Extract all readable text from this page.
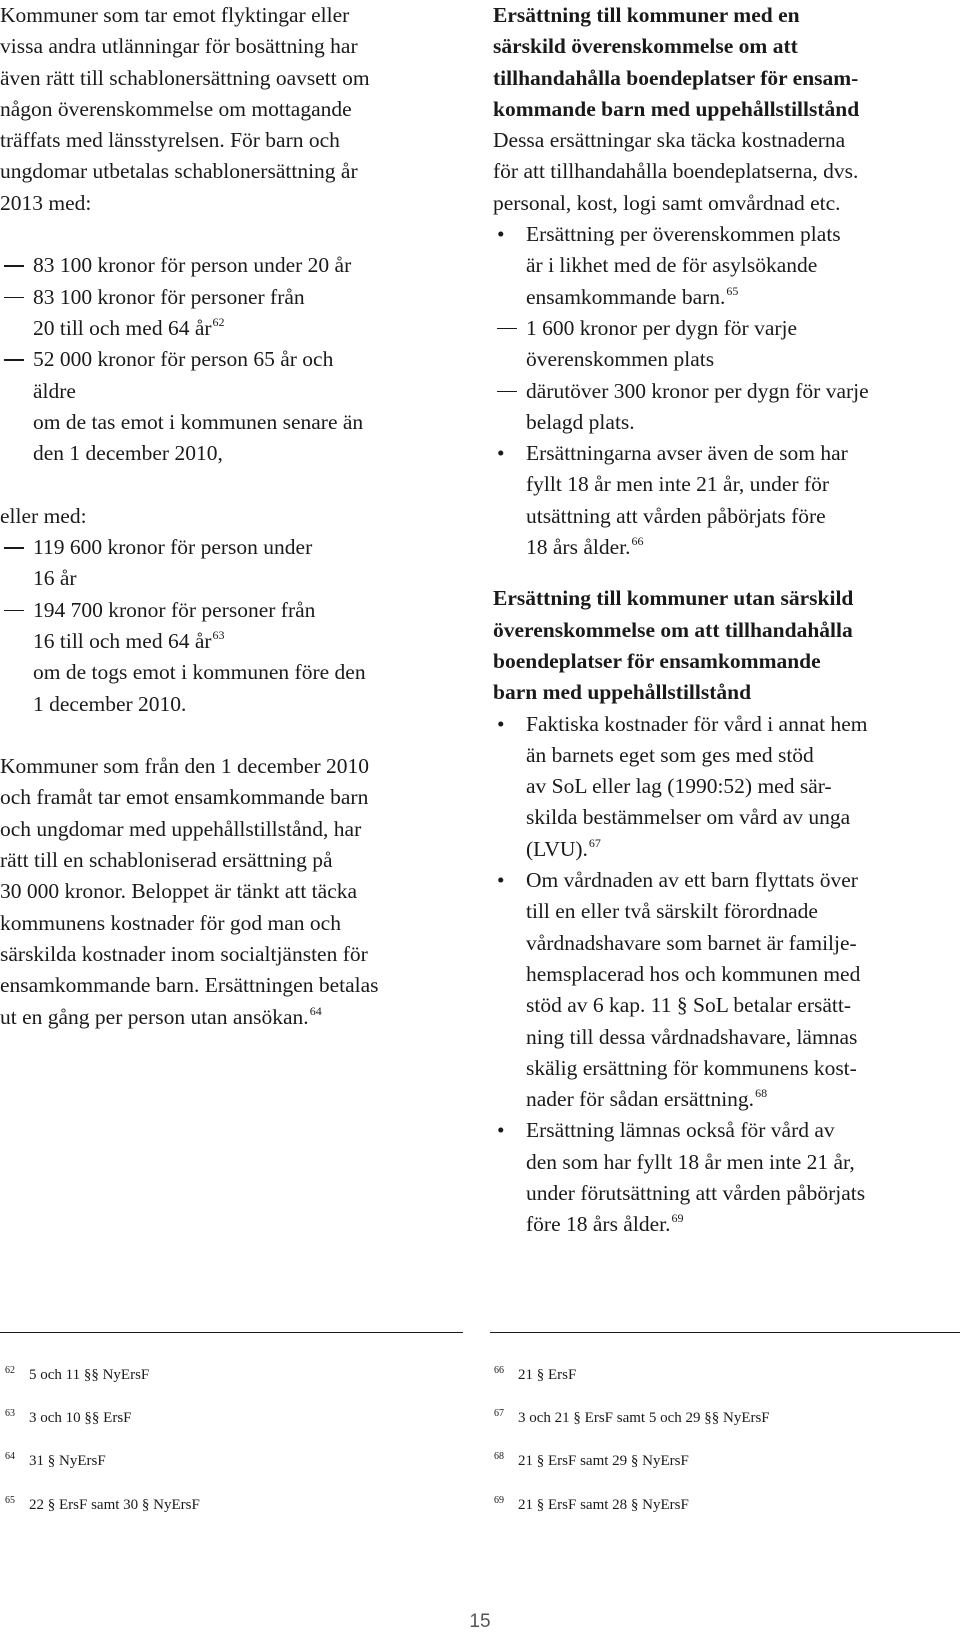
Kommuner som tar emot flyktingar eller

vissa andra utlänningar för bosättning har

även rätt till schablonersättning oavsett om

någon överenskommelse om mottagande

träffats med länsstyrelsen. För barn och

ungdomar utbetalas schablonersättning år

2013 med:

83 100 kronor för person under 20 år
83 100 kronor för personer från
20 till och med 64 $år^{62}$
52 000 kronor för person 65 år och
äldre

om de tas emot i kommunen senare än

den 1 december 2010,

eller med:

119 600 kronor för person under
16 år
194 700 kronor för personer från
16 till och med 64 $år^{63}$

om de togs emot i kommunen före den

1 december 2010.

Kommuner som från den 1 december 2010

och framåt tar emot ensamkommande barn

och ungdomar med uppehållstillstånd, har

rätt till en schabloniserad ersättning på

30 000 kronor. Beloppet är tänkt att täcka

kommunens kostnader för god man och

särskilda kostnader inom socialtjänsten för

ensamkommande barn. Ersättningen betalas

ut en gång per person utan ansökan.$^{64}$

Ersättning till kommuner med en

särskild överenskommelse om att

tillhandahålla boendeplatser för ensam-

kommande barn med uppehållstillstånd

Dessa ersättningar ska täcka kostnaderna

för att tillhandahålla boendeplatserna, dvs.

personal, kost, logi samt omvårdnad etc.

• Ersättning per överenskommen plats
är i likhet med de för asylsökande
ensamkommande barn.$^{65}$
1 600 kronor per dygn för varje
överenskommen plats
därutöver 300 kronor per dygn för varje
belagd plats.
• Ersättningarna avser även de som har
fyllt 18 år men inte 21 år, under för
utsättning att vården påbörjats före
18 års ålder.$^{66}$

Ersättning till kommuner utan särskild

överenskommelse om att tillhandahålla

boendeplatser för ensamkommande

barn med uppehållstillstånd

• Faktiska kostnader för vård i annat hem
än barnets eget som ges med stöd
av SoL eller lag (1990:52) med sär-
skilda bestämmelser om vård av unga
(LVU).$^{67}$
• Om vårdnaden av ett barn flyttats över
till en eller två särskilt förordnade
vårdnadshavare som barnet är familje-
hemsplacerad hos och kommunen med
stöd av 6 kap. 11 § SoL betalar ersätt-
ning till dessa vårdnadshavare, lämnas
skälig ersättning för kommunens kost-
nader för sådan ersättning.$^{68}$
• Ersättning lämnas också för vård av
den som har fyllt 18 år men inte 21 år,
under förutsättning att vården påbörjats
före 18 års ålder.$^{69}$
$^{62}$ 5 och 11 §§ NyErsF
$^{63}$ 3 och 10 §§ ErsF
$^{64}$ 31 § NyErsF
$^{65}$ 22 § ErsF samt 30 § NyErsF
$^{66}$ 21 § ErsF
$^{67}$ 3 och 21 § ErsF samt 5 och 29 §§ NyErsF
$^{68}$ 21 § ErsF samt 29 § NyErsF
$^{69}$ 21 § ErsF samt 28 § NyErsF
15
